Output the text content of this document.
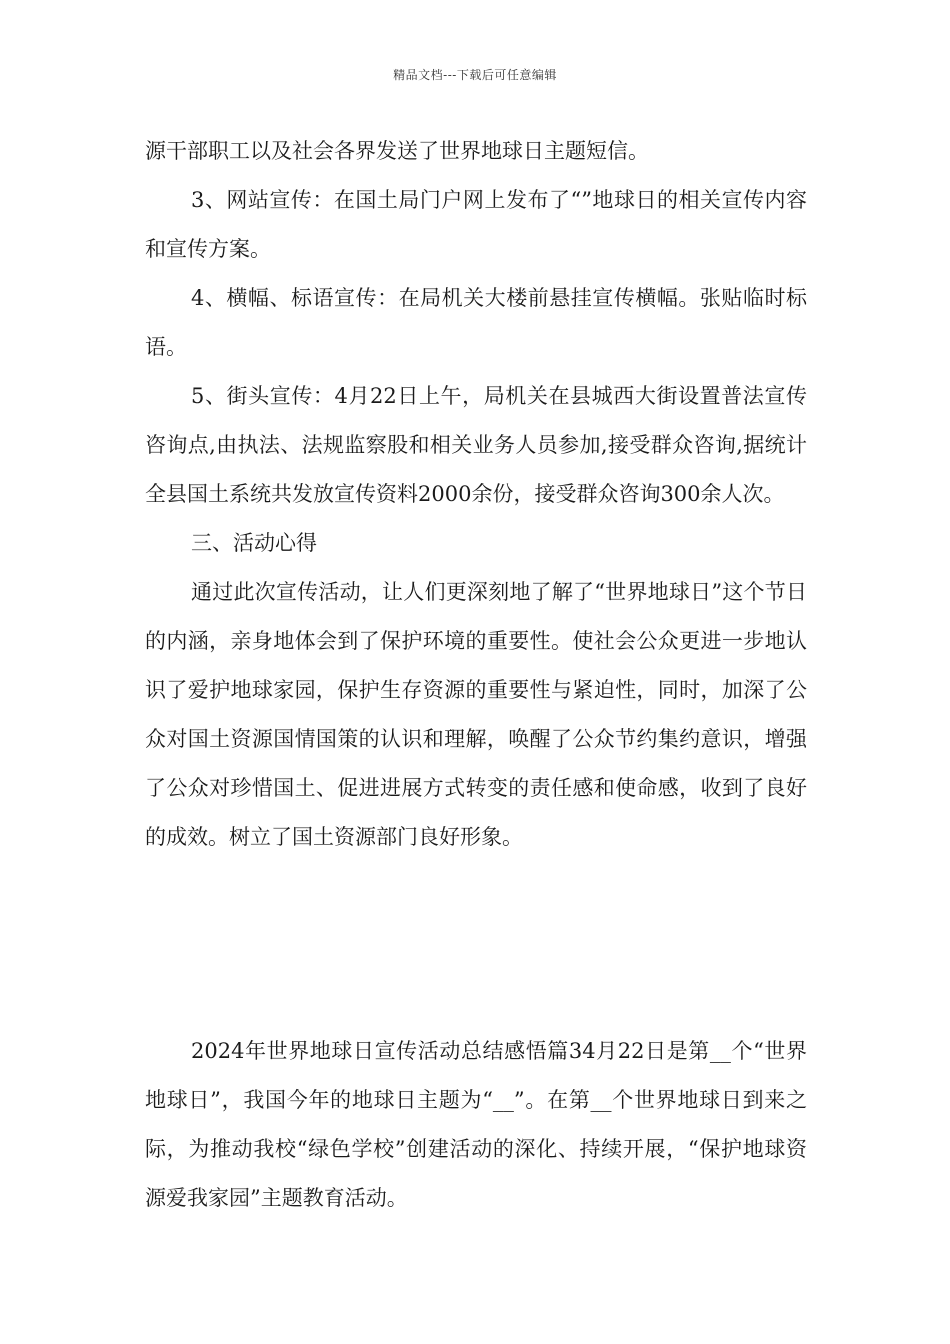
精品文档---下载后可任意编辑

源干部职工以及社会各界发送了世界地球日主题短信。

3、网站宣传：在国土局门户网上发布了“”地球日的相关宣传内容和宣传方案。

4、横幅、标语宣传：在局机关大楼前悬挂宣传横幅。张贴临时标语。

5、街头宣传：4月22日上午，局机关在县城西大街设置普法宣传咨询点,由执法、法规监察股和相关业务人员参加,接受群众咨询,据统计全县国土系统共发放宣传资料2000余份，接受群众咨询300余人次。

三、活动心得

通过此次宣传活动，让人们更深刻地了解了“世界地球日”这个节日的内涵，亲身地体会到了保护环境的重要性。使社会公众更进一步地认识了爱护地球家园，保护生存资源的重要性与紧迫性，同时，加深了公众对国土资源国情国策的认识和理解，唤醒了公众节约集约意识，增强了公众对珍惜国土、促进进展方式转变的责任感和使命感，收到了良好的成效。树立了国土资源部门良好形象。

2024年世界地球日宣传活动总结感悟篇34月22日是第__个“世界地球日”，我国今年的地球日主题为“__”。在第__个世界地球日到来之际，为推动我校“绿色学校”创建活动的深化、持续开展，“保护地球资源爱我家园”主题教育活动。
